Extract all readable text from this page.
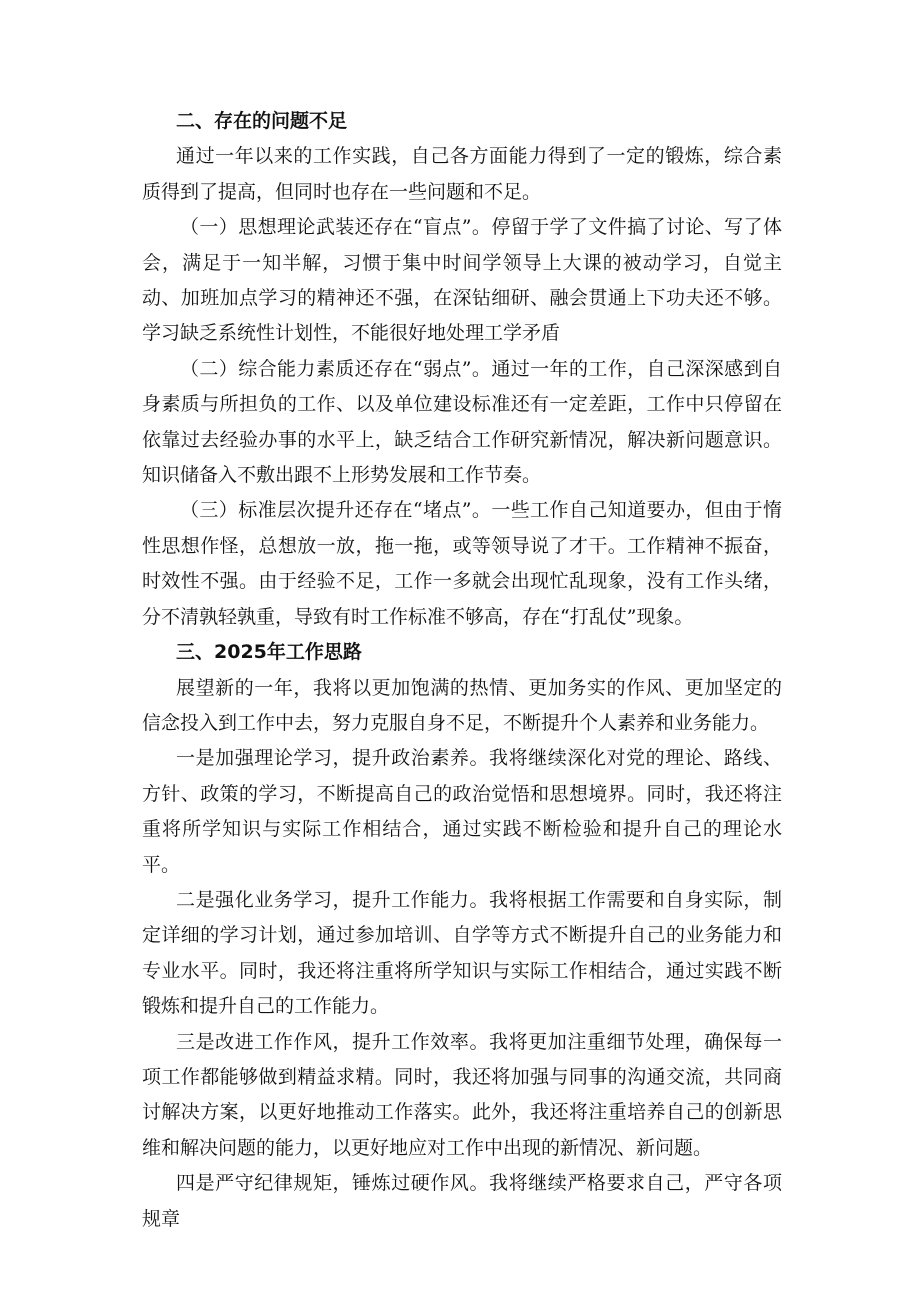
二、存在的问题不足

通过一年以来的工作实践，自己各方面能力得到了一定的锻炼，综合素质得到了提高，但同时也存在一些问题和不足。

（一）思想理论武装还存在“盲点”。停留于学了文件搞了讨论、写了体会，满足于一知半解，习惯于集中时间学领导上大课的被动学习，自觉主动、加班加点学习的精神还不强，在深钻细研、融会贯通上下功夫还不够。学习缺乏系统性计划性，不能很好地处理工学矛盾

（二）综合能力素质还存在“弱点”。通过一年的工作，自己深深感到自身素质与所担负的工作、以及单位建设标准还有一定差距，工作中只停留在依靠过去经验办事的水平上，缺乏结合工作研究新情况，解决新问题意识。知识储备入不敷出跟不上形势发展和工作节奏。

（三）标准层次提升还存在“堵点”。一些工作自己知道要办，但由于惰性思想作怪，总想放一放，拖一拖，或等领导说了才干。工作精神不振奋，时效性不强。由于经验不足，工作一多就会出现忙乱现象，没有工作头绪，分不清孰轻孰重，导致有时工作标准不够高，存在“打乱仗”现象。

三、2025年工作思路

展望新的一年，我将以更加饱满的热情、更加务实的作风、更加坚定的信念投入到工作中去，努力克服自身不足，不断提升个人素养和业务能力。

一是加强理论学习，提升政治素养。我将继续深化对党的理论、路线、方针、政策的学习，不断提高自己的政治觉悟和思想境界。同时，我还将注重将所学知识与实际工作相结合，通过实践不断检验和提升自己的理论水平。

二是强化业务学习，提升工作能力。我将根据工作需要和自身实际，制定详细的学习计划，通过参加培训、自学等方式不断提升自己的业务能力和专业水平。同时，我还将注重将所学知识与实际工作相结合，通过实践不断锻炼和提升自己的工作能力。

三是改进工作作风，提升工作效率。我将更加注重细节处理，确保每一项工作都能够做到精益求精。同时，我还将加强与同事的沟通交流，共同商讨解决方案，以更好地推动工作落实。此外，我还将注重培养自己的创新思维和解决问题的能力，以更好地应对工作中出现的新情况、新问题。

四是严守纪律规矩，锤炼过硬作风。我将继续严格要求自己，严守各项规章
